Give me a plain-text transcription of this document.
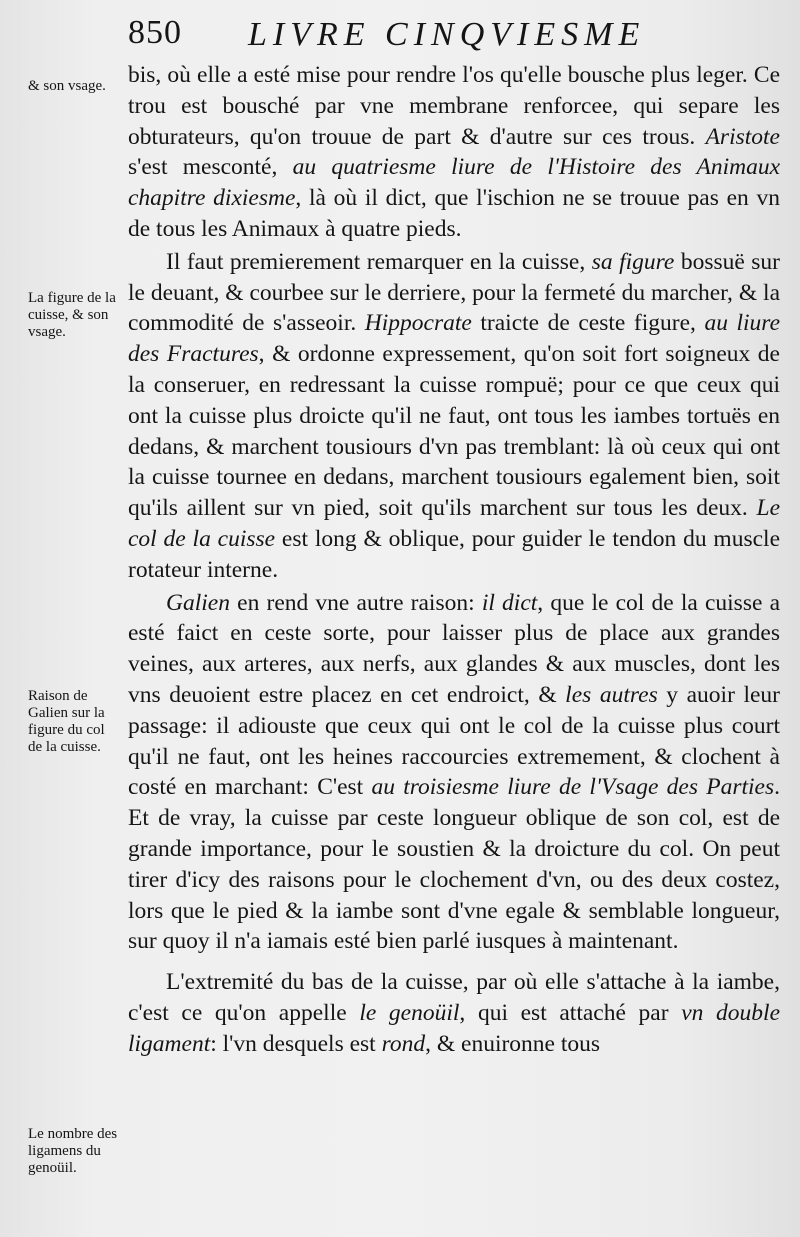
850 LIVRE CINQVIESME
& son vsage.
La figure de la cuisse, & son vsage.
Raison de Galien sur la figure du col de la cuisse.
Le nombre des ligamens du genoüil.

bis, où elle a esté mise pour rendre l'os qu'elle bousche plus leger. Ce trou est bousché par vne membrane renforcee, qui separe les obturateurs, qu'on trouue de part & d'autre sur ces trous. Aristote s'est mesconté, au quatriesme liure de l'Histoire des Animaux chapitre dixiesme, là où il dict, que l'ischion ne se trouue pas en vn de tous les Animaux à quatre pieds.

Il faut premierement remarquer en la cuisse, sa figure bossuë sur le deuant, & courbee sur le derriere, pour la fermeté du marcher, & la commodité de s'asseoir. Hippocrate traicte de ceste figure, au liure des Fractures, & ordonne expressement, qu'on soit fort soigneux de la conseruer, en redressant la cuisse rompuë; pour ce que ceux qui ont la cuisse plus droicte qu'il ne faut, ont tous les iambes tortuës en dedans, & marchent tousiours d'vn pas tremblant: là où ceux qui ont la cuisse tournee en dedans, marchent tousiours egalement bien, soit qu'ils aillent sur vn pied, soit qu'ils marchent sur tous les deux. Le col de la cuisse est long & oblique, pour guider le tendon du muscle rotateur interne.

Galien en rend vne autre raison: il dict, que le col de la cuisse a esté faict en ceste sorte, pour laisser plus de place aux grandes veines, aux arteres, aux nerfs, aux glandes & aux muscles, dont les vns deuoient estre placez en cet endroict, & les autres y auoir leur passage: il adiouste que ceux qui ont le col de la cuisse plus court qu'il ne faut, ont les heines raccourcies extremement, & clochent à costé en marchant: C'est au troisiesme liure de l'Vsage des Parties. Et de vray, la cuisse par ceste longueur oblique de son col, est de grande importance, pour le soustien & la droicture du col. On peut tirer d'icy des raisons pour le clochement d'vn, ou des deux costez, lors que le pied & la iambe sont d'vne egale & semblable longueur, sur quoy il n'a iamais esté bien parlé iusques à maintenant.

L'extremité du bas de la cuisse, par où elle s'attache à la iambe, c'est ce qu'on appelle le genoüil, qui est attaché par vn double ligament: l'vn desquels est rond, & enuironne tous
